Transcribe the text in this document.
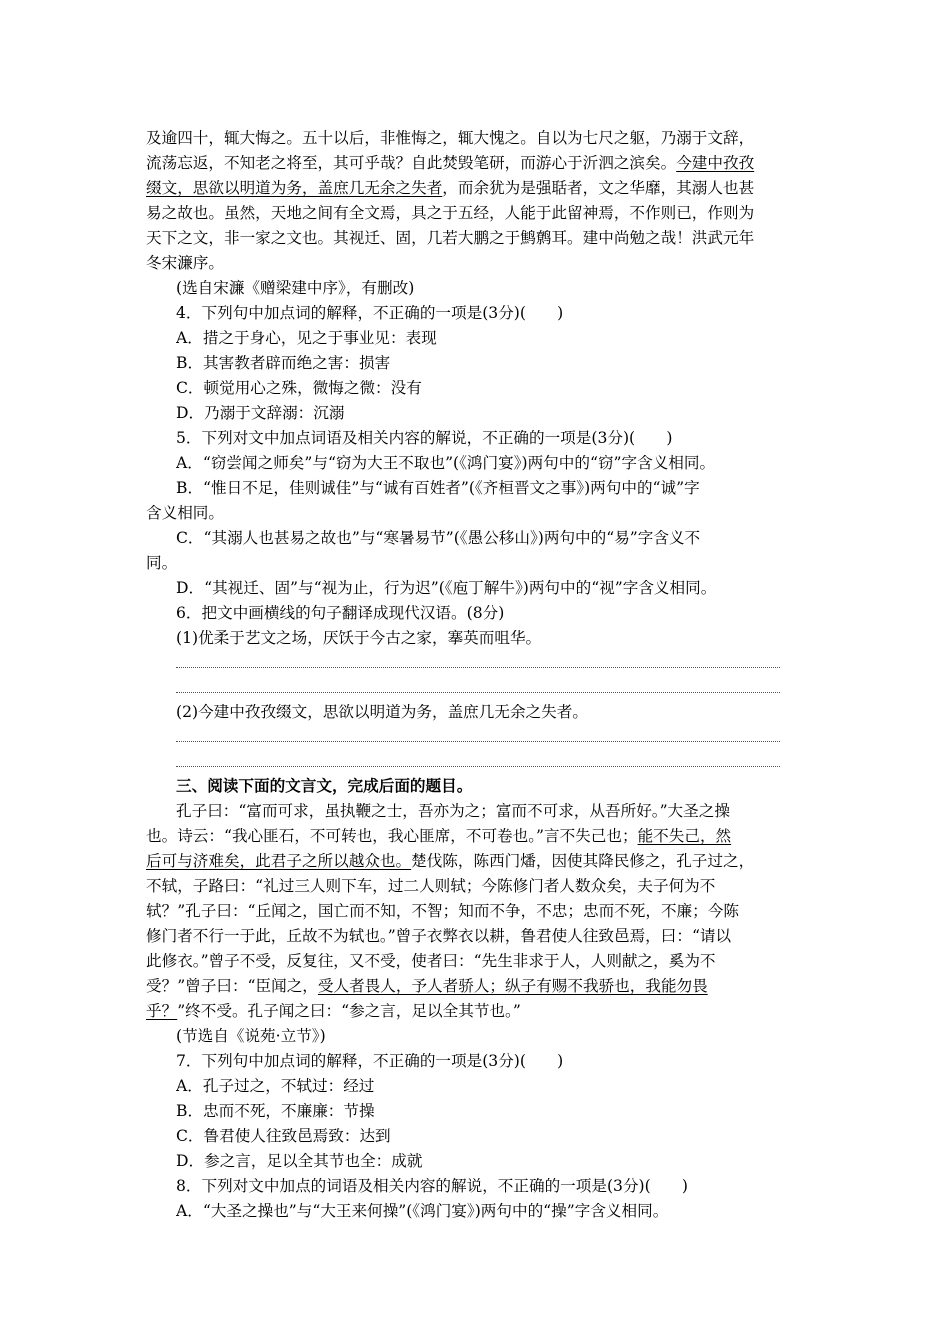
及逾四十，辄大悔之。五十以后，非惟悔之，辄大愧之。自以为七尺之躯，乃溺于文辞，
流荡忘返，不知老之将至，其可乎哉？自此焚毁笔研，而游心于沂泗之滨矣。今建中孜孜
缀文，思欲以明道为务，盖庶几无余之失者，而余犹为是强聒者，文之华靡，其溺人也甚
易之故也。虽然，天地之间有全文焉，具之于五经，人能于此留神焉，不作则已，作则为
天下之文，非一家之文也。其视迁、固，几若大鹏之于鹪鹩耳。建中尚勉之哉！洪武元年
冬宋濂序。
(选自宋濂《赠梁建中序》，有删改)
4．下列句中加点词的解释，不正确的一项是(3分)(　　)
A．措之于身心，见之于事业见：表现
B．其害教者辟而绝之害：损害
C．顿觉用心之殊，微悔之微：没有
D．乃溺于文辞溺：沉溺
5．下列对文中加点词语及相关内容的解说，不正确的一项是(3分)(　　)
A．“窃尝闻之师矣”与“窃为大王不取也”(《鸿门宴》)两句中的“窃”字含义相同。
B．“惟日不足，佳则诚佳”与“诚有百姓者”(《齐桓晋文之事》)两句中的“诚”字
含义相同。
C．“其溺人也甚易之故也”与“寒暑易节”(《愚公移山》)两句中的“易”字含义不
同。
D．“其视迁、固”与“视为止，行为迟”(《庖丁解牛》)两句中的“视”字含义相同。
6．把文中画横线的句子翻译成现代汉语。(8分)
(1)优柔于艺文之场，厌饫于今古之家，搴英而咀华。
(2)今建中孜孜缀文，思欲以明道为务，盖庶几无余之失者。
三、阅读下面的文言文，完成后面的题目。
孔子曰：“富而可求，虽执鞭之士，吾亦为之；富而不可求，从吾所好。”大圣之操
也。诗云：“我心匪石，不可转也，我心匪席，不可卷也。”言不失己也；能不失己，然
后可与济难矣，此君子之所以越众也。楚伐陈，陈西门燔，因使其降民修之，孔子过之，
不轼，子路曰：“礼过三人则下车，过二人则轼；今陈修门者人数众矣，夫子何为不
轼？”孔子曰：“丘闻之，国亡而不知，不智；知而不争，不忠；忠而不死，不廉；今陈
修门者不行一于此，丘故不为轼也。”曾子衣弊衣以耕，鲁君使人往致邑焉，曰：“请以
此修衣。”曾子不受，反复往，又不受，使者曰：“先生非求于人，人则献之，奚为不
受？”曾子曰：“臣闻之，受人者畏人，予人者骄人；纵子有赐不我骄也，我能勿畏
乎？”终不受。孔子闻之曰：“参之言，足以全其节也。”
(节选自《说苑·立节》)
7．下列句中加点词的解释，不正确的一项是(3分)(　　)
A．孔子过之，不轼过：经过
B．忠而不死，不廉廉：节操
C．鲁君使人往致邑焉致：达到
D．参之言，足以全其节也全：成就
8．下列对文中加点的词语及相关内容的解说，不正确的一项是(3分)(　　)
A．“大圣之操也”与“大王来何操”(《鸿门宴》)两句中的“操”字含义相同。
